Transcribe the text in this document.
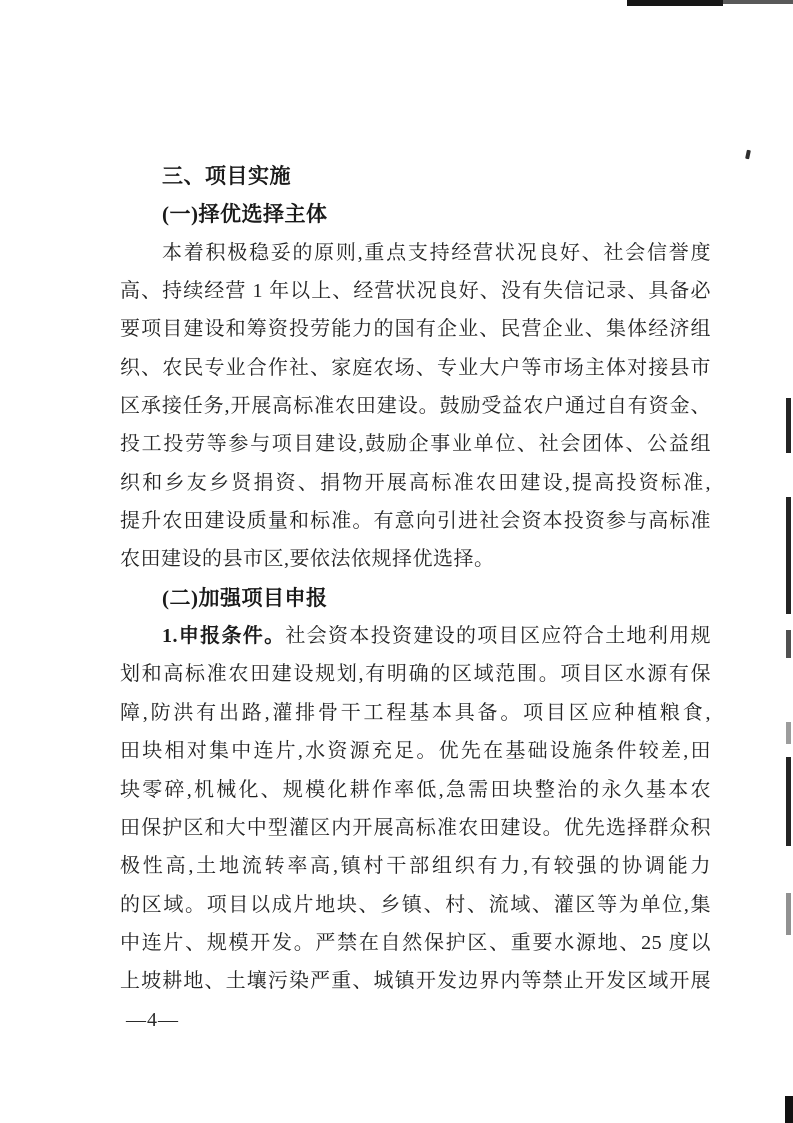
三、项目实施
(一)择优选择主体
本着积极稳妥的原则,重点支持经营状况良好、社会信誉度
高、持续经营 1 年以上、经营状况良好、没有失信记录、具备必
要项目建设和筹资投劳能力的国有企业、民营企业、集体经济组
织、农民专业合作社、家庭农场、专业大户等市场主体对接县市
区承接任务,开展高标准农田建设。鼓励受益农户通过自有资金、
投工投劳等参与项目建设,鼓励企事业单位、社会团体、公益组
织和乡友乡贤捐资、捐物开展高标准农田建设,提高投资标准,
提升农田建设质量和标准。有意向引进社会资本投资参与高标准
农田建设的县市区,要依法依规择优选择。
(二)加强项目申报
1.申报条件。社会资本投资建设的项目区应符合土地利用规
划和高标准农田建设规划,有明确的区域范围。项目区水源有保
障,防洪有出路,灌排骨干工程基本具备。项目区应种植粮食,
田块相对集中连片,水资源充足。优先在基础设施条件较差,田
块零碎,机械化、规模化耕作率低,急需田块整治的永久基本农
田保护区和大中型灌区内开展高标准农田建设。优先选择群众积
极性高,土地流转率高,镇村干部组织有力,有较强的协调能力
的区域。项目以成片地块、乡镇、村、流域、灌区等为单位,集
中连片、规模开发。严禁在自然保护区、重要水源地、25 度以
上坡耕地、土壤污染严重、城镇开发边界内等禁止开发区域开展
—4—
